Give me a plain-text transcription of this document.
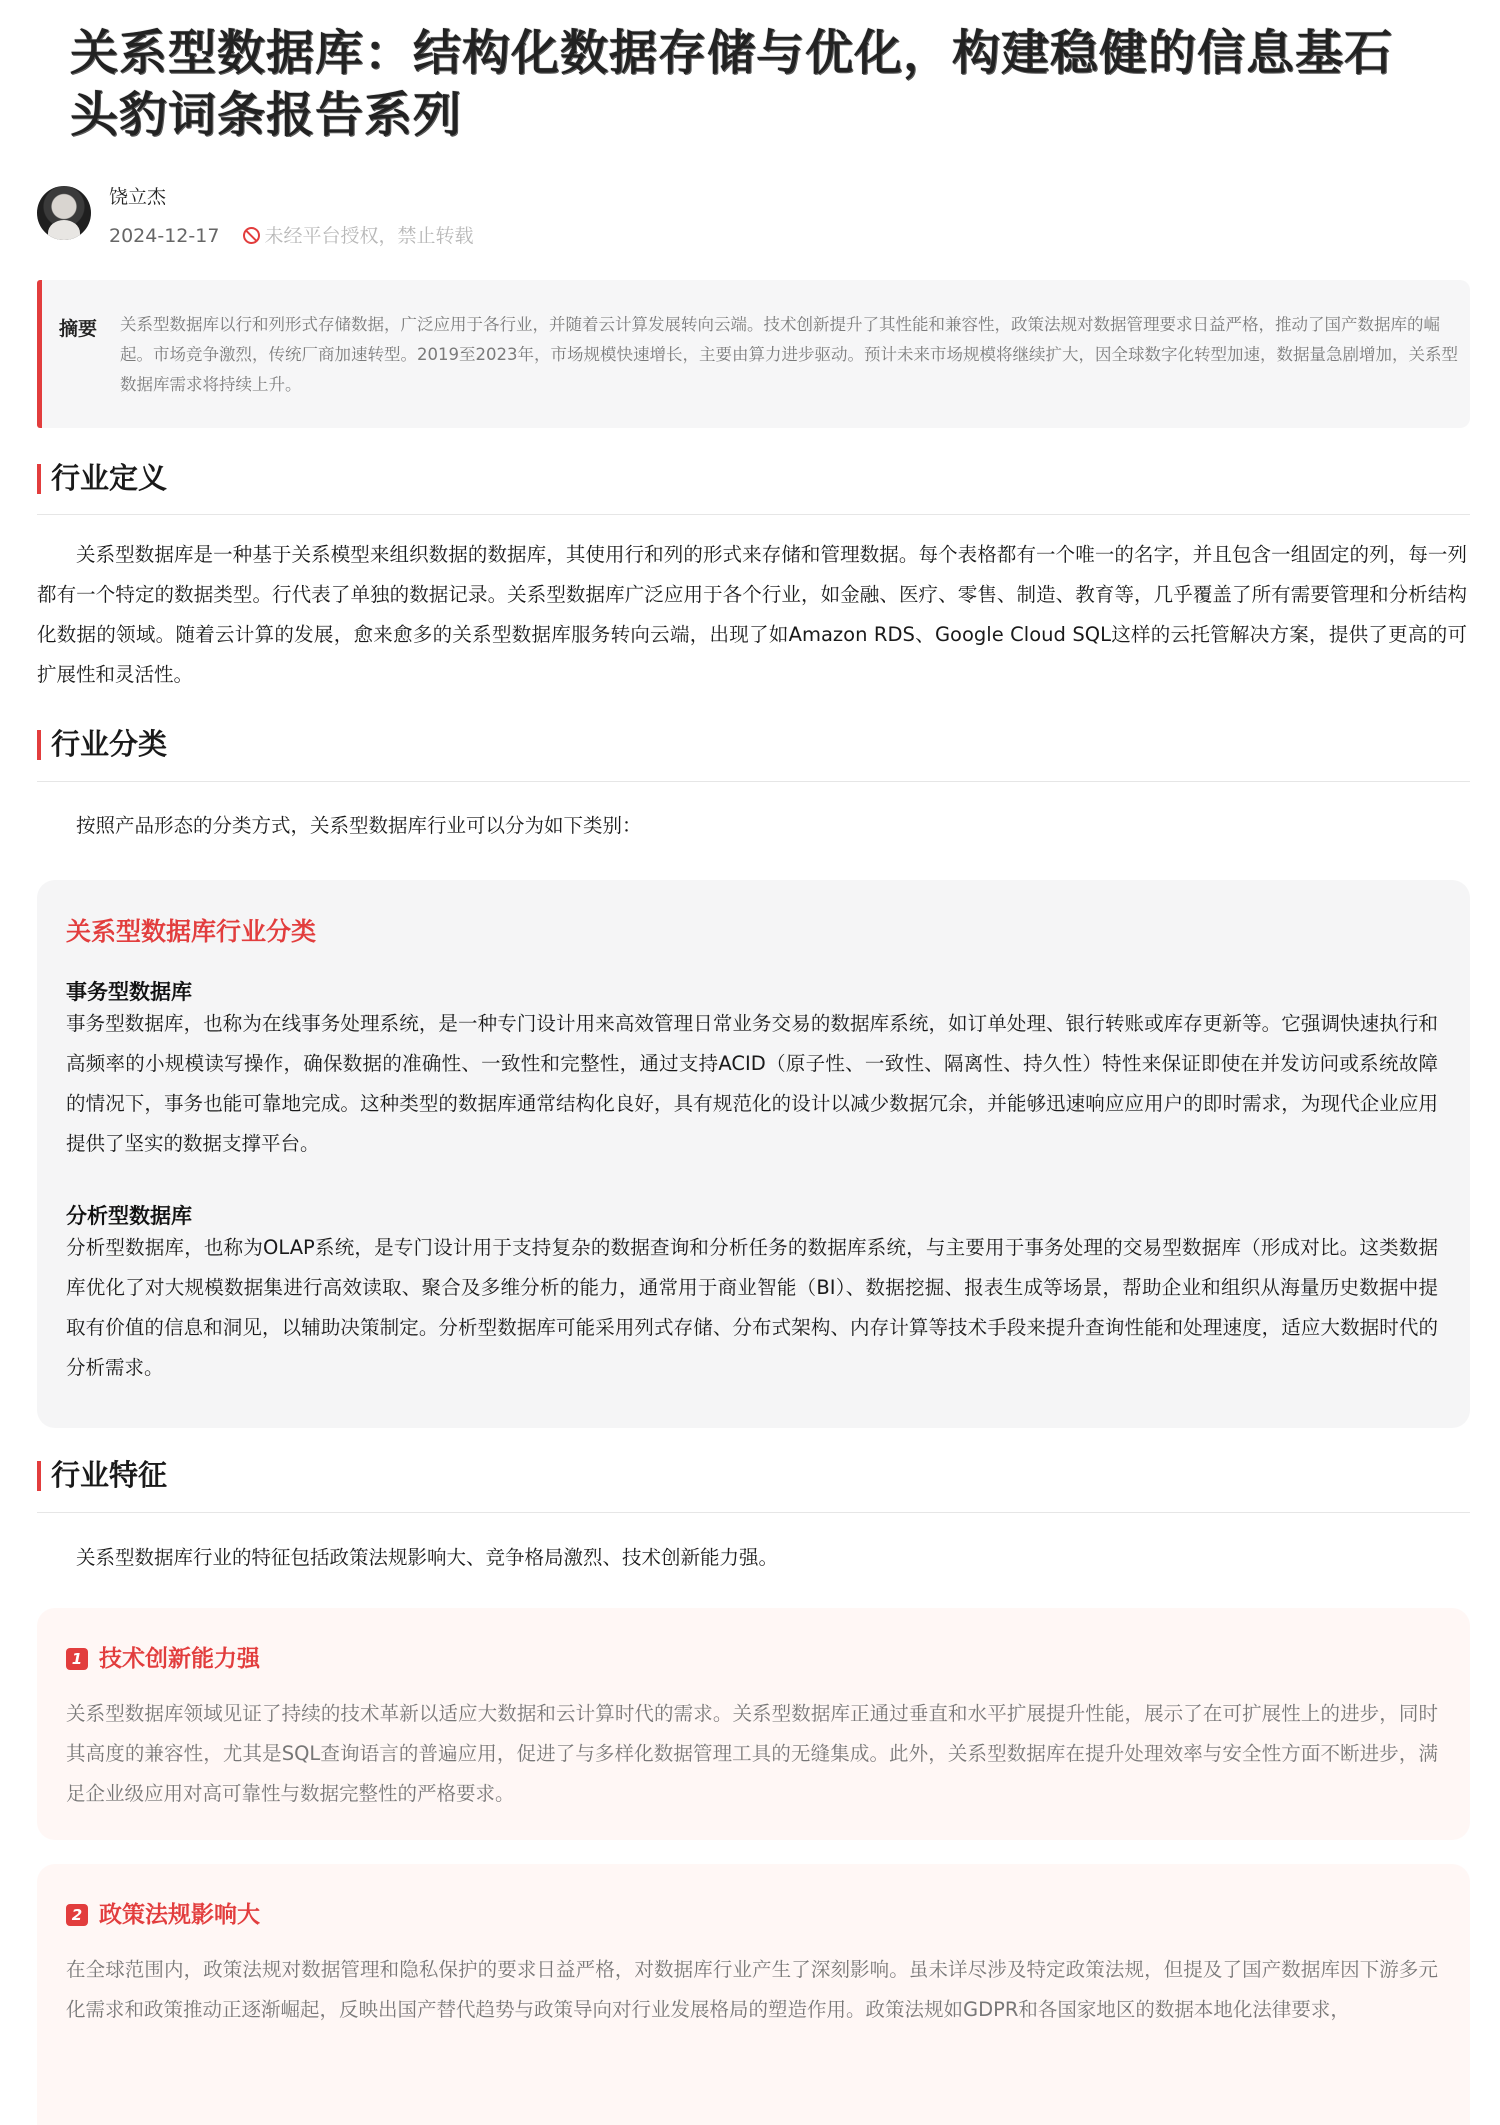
关系型数据库：结构化数据存储与优化，构建稳健的信息基石 头豹词条报告系列
饶立杰
2024-12-17 未经平台授权，禁止转载
摘要 关系型数据库以行和列形式存储数据，广泛应用于各行业，并随着云计算发展转向云端。技术创新提升了其性能和兼容性，政策法规对数据管理要求日益严格，推动了国产数据库的崛起。市场竞争激烈，传统厂商加速转型。2019至2023年，市场规模快速增长，主要由算力进步驱动。预计未来市场规模将继续扩大，因全球数字化转型加速，数据量急剧增加，关系型数据库需求将持续上升。
行业定义
关系型数据库是一种基于关系模型来组织数据的数据库，其使用行和列的形式来存储和管理数据。每个表格都有一个唯一的名字，并且包含一组固定的列，每一列都有一个特定的数据类型。行代表了单独的数据记录。关系型数据库广泛应用于各个行业，如金融、医疗、零售、制造、教育等，几乎覆盖了所有需要管理和分析结构化数据的领域。随着云计算的发展，愈来愈多的关系型数据库服务转向云端，出现了如Amazon RDS、Google Cloud SQL这样的云托管解决方案，提供了更高的可扩展性和灵活性。
行业分类
按照产品形态的分类方式，关系型数据库行业可以分为如下类别：
关系型数据库行业分类
事务型数据库
事务型数据库，也称为在线事务处理系统，是一种专门设计用来高效管理日常业务交易的数据库系统，如订单处理、银行转账或库存更新等。它强调快速执行和高频率的小规模读写操作，确保数据的准确性、一致性和完整性，通过支持ACID（原子性、一致性、隔离性、持久性）特性来保证即使在并发访问或系统故障的情况下，事务也能可靠地完成。这种类型的数据库通常结构化良好，具有规范化的设计以减少数据冗余，并能够迅速响应应用户的即时需求，为现代企业应用提供了坚实的数据支撑平台。
分析型数据库
分析型数据库，也称为OLAP系统，是专门设计用于支持复杂的数据查询和分析任务的数据库系统，与主要用于事务处理的交易型数据库（形成对比。这类数据库优化了对大规模数据集进行高效读取、聚合及多维分析的能力，通常用于商业智能（BI）、数据挖掘、报表生成等场景，帮助企业和组织从海量历史数据中提取有价值的信息和洞见，以辅助决策制定。分析型数据库可能采用列式存储、分布式架构、内存计算等技术手段来提升查询性能和处理速度，适应大数据时代的分析需求。
行业特征
关系型数据库行业的特征包括政策法规影响大、竞争格局激烈、技术创新能力强。
1 技术创新能力强
关系型数据库领域见证了持续的技术革新以适应大数据和云计算时代的需求。关系型数据库正通过垂直和水平扩展提升性能，展示了在可扩展性上的进步，同时其高度的兼容性，尤其是SQL查询语言的普遍应用，促进了与多样化数据管理工具的无缝集成。此外，关系型数据库在提升处理效率与安全性方面不断进步，满足企业级应用对高可靠性与数据完整性的严格要求。
2 政策法规影响大
在全球范围内，政策法规对数据管理和隐私保护的要求日益严格，对数据库行业产生了深刻影响。虽未详尽涉及特定政策法规，但提及了国产数据库因下游多元化需求和政策推动正逐渐崛起，反映出国产替代趋势与政策导向对行业发展格局的塑造作用。政策法规如GDPR和各国家地区的数据本地化法律要求，
